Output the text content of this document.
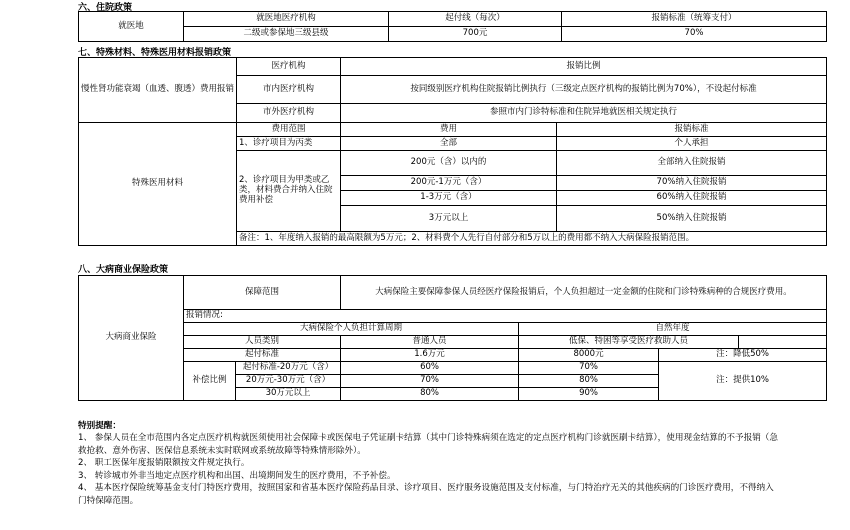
六、住院政策
就医地	就医地医疗机构	起付线（每次）	报销标准（统筹支付）
	二级或参保地三级县级	700元	70%
七、特殊材料、特殊医用材料报销政策
慢性肾功能衰竭（血透、腹透）费用报销	医疗机构	报销比例	
	市内医疗机构	按同级别医疗机构住院报销比例执行（三级定点医疗机构的报销比例为70%），不设起付标准	
	市外医疗机构	参照市内门诊特标准和住院异地就医相关规定执行	
特殊医用材料	费用范围	费用	报销标准
	1、诊疗项目为丙类	全部	个人承担
	2、诊疗项目为甲类或乙类，材料费合并纳入住院费用补偿	200元（含）以内的	全部纳入住院报销
		200元-1万元（含）	70%纳入住院报销
		1-3万元（含）	60%纳入住院报销
		3万元以上	50%纳入住院报销
	备注：1、年度纳入报销的最高限额为5万元；2、材料费个人先行自付部分和5万以上的费用都不纳入大病保险报销范围。		
八、大病商业保险政策
大病商业保险	保障范围		大病保险主要保障参保人员经医疗保险报销后，个人负担超过一定金额的住院和门诊特殊病种的合规医疗费用。			
	报销情况:					
	大病保险个人负担计算周期			自然年度		
	人员类别		普通人员	低保、特困等享受医疗救助人员		
	起付标准		1.6万元	8000元	注：降低50%	
	补偿比例	起付标准-20万元（含）	60%	70%	注：提供10%	
		20万元-30万元（含）	70%	80%		
		30万元以上	80%	90%		
特别提醒：
1、 参保人员在全市范围内各定点医疗机构就医须使用社会保障卡或医保电子凭证刷卡结算（其中门诊特殊病须在选定的定点医疗机构门诊就医刷卡结算），使用现金结算的不予报销（急救抢救、意外伤害、医保信息系统未实时联网或系统故障等特殊情形除外）。
2、 职工医保年度报销限额按文件规定执行。
3、 转诊城市外非当地定点医疗机构和出国、出境期间发生的医疗费用，不予补偿。
4、 基本医疗保险统筹基金支付门特医疗费用，按照国家和省基本医疗保险药品目录、诊疗项目、医疗服务设施范围及支付标准，与门特治疗无关的其他疾病的门诊医疗费用，不得纳入门特保障范围。
